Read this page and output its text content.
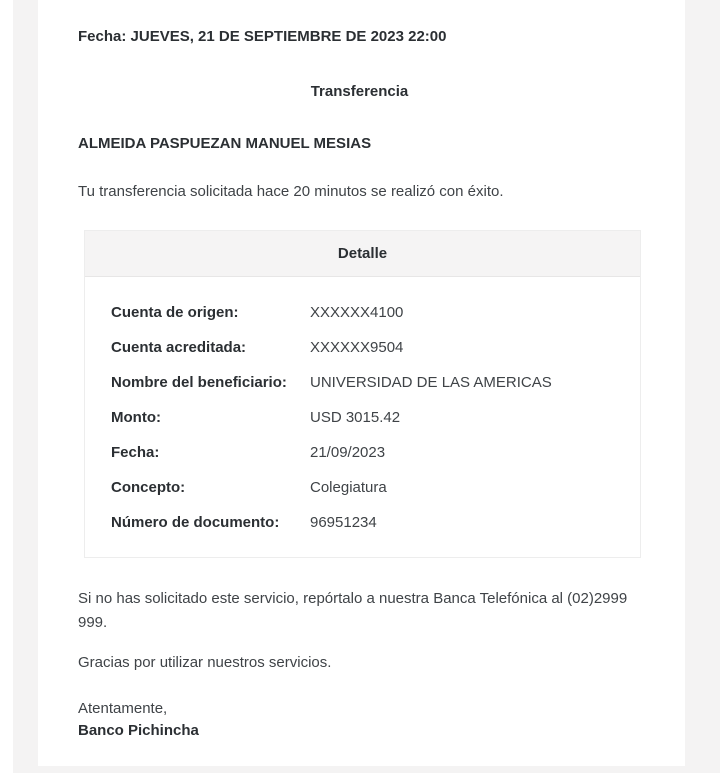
Fecha: JUEVES, 21 DE SEPTIEMBRE DE 2023 22:00

Transferencia

ALMEIDA PASPUEZAN MANUEL MESIAS

Tu transferencia solicitada hace 20 minutos se realizó con éxito.

Detalle
Cuenta de origen:	XXXXXX4100
Cuenta acreditada:	XXXXXX9504
Nombre del beneficiario:	UNIVERSIDAD DE LAS AMERICAS
Monto:	USD 3015.42
Fecha:	21/09/2023
Concepto:	Colegiatura
Número de documento:	96951234

Si no has solicitado este servicio, repórtalo a nuestra Banca Telefónica al (02)2999 999.

Gracias por utilizar nuestros servicios.

Atentamente,

Banco Pichincha
